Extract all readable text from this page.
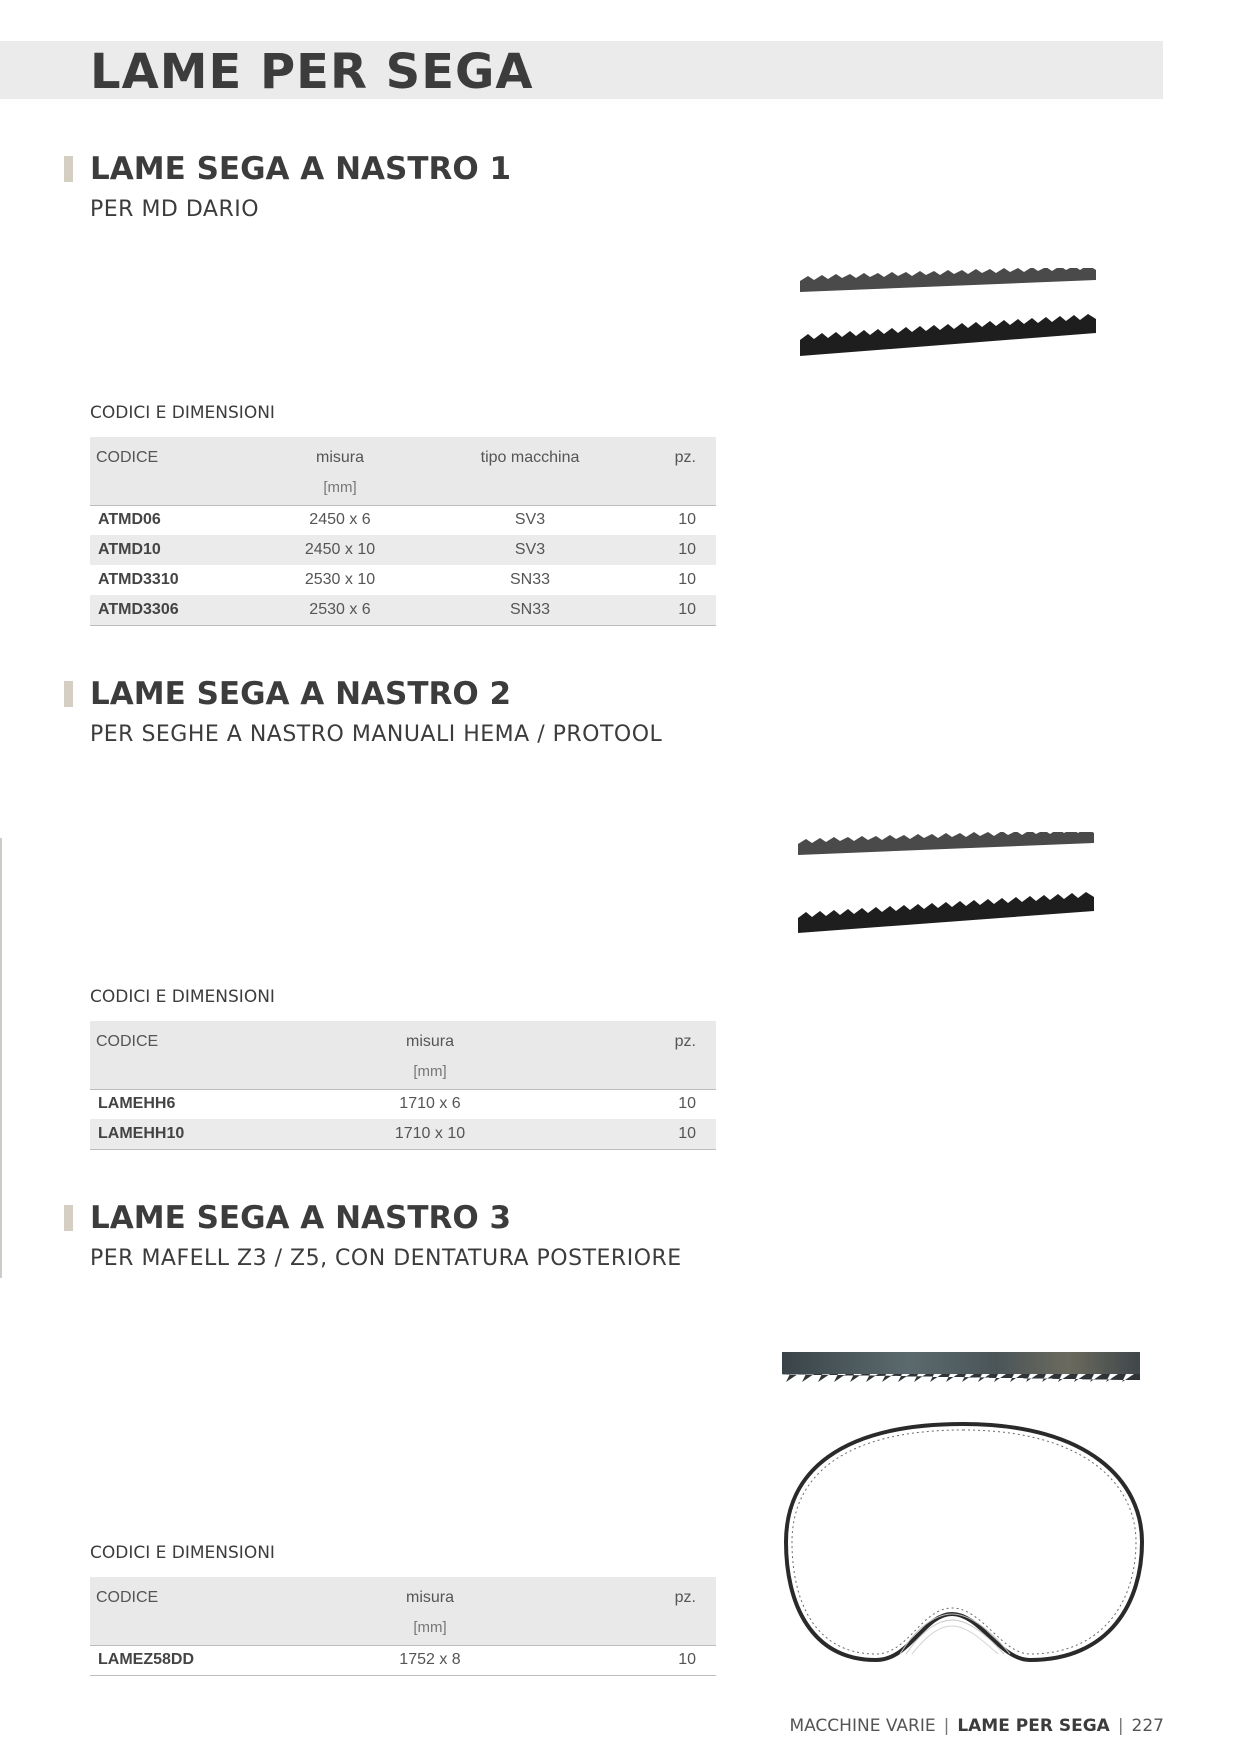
LAME PER SEGA
LAME SEGA A NASTRO 1
PER MD DARIO
CODICI E DIMENSIONI
CODICE	misura	tipo macchina	pz.
	[mm]		
ATMD06	2450 x 6	SV3	10
ATMD10	2450 x 10	SV3	10
ATMD3310	2530 x 10	SN33	10
ATMD3306	2530 x 6	SN33	10
LAME SEGA A NASTRO 2
PER SEGHE A NASTRO MANUALI HEMA / PROTOOL
CODICI E DIMENSIONI
CODICE	misura	pz.
	[mm]	
LAMEHH6	1710 x 6	10
LAMEHH10	1710 x 10	10
LAME SEGA A NASTRO 3
PER MAFELL Z3 / Z5, CON DENTATURA POSTERIORE
CODICI E DIMENSIONI
CODICE	misura	pz.
	[mm]	
LAMEZ58DD	1752 x 8	10
MACCHINE VARIE | LAME PER SEGA | 227
